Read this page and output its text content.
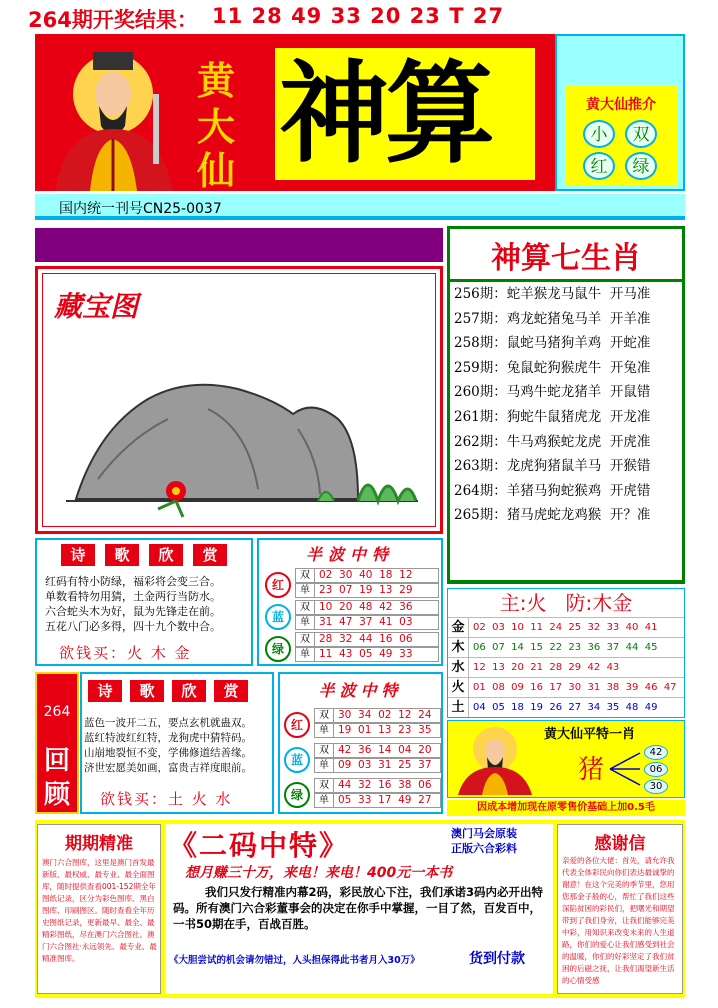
264期开奖结果： 11 28 49 33 20 23 T 27
黄
大
仙 神算	黄大仙推介
小	双
红	绿
国内统一刊号CN25-0037
藏宝图
神算七生肖
256期：蛇羊猴龙马鼠牛  开马准
257期：鸡龙蛇猪兔马羊  开羊准
258期：鼠蛇马猪狗羊鸡  开蛇准
259期：兔鼠蛇狗猴虎牛  开兔准
260期：马鸡牛蛇龙猪羊  开鼠错
261期：狗蛇牛鼠猪虎龙  开龙准
262期：牛马鸡猴蛇龙虎  开虎准
263期：龙虎狗猪鼠羊马  开猴错
264期：羊猪马狗蛇猴鸡  开虎错
265期：猪马虎蛇龙鸡猴  开？准
诗	歌	欣	赏
红码有特小防绿，福彩将会变三合。
单数看特勿用猜，土金两行当防水。
六合蛇头木为好，鼠为先锋走在前。
五花八门必多得，四十九个数中合。
欲钱买：火 木 金
半波中特
红
双 02  30  40  18  12
单 23  07  19  13  29
蓝
双 10  20  48  42  36
单 31  47  37  41  03
绿
双 28  32  44  16  06
单 11  43  05  49  33
264
回
顾
诗	歌	欣	赏
蓝色一波开二五，要点玄机就蛊双。
蓝红特波红红特，龙狗虎中猜特码。
山崩地裂恒不变，学佛修道结善缘。
济世宏愿美如画，富贵吉祥度眼前。
欲钱买：土 火 水
半波中特
红
双 30  34  02  12  24
单 19  01  13  23  35
蓝
双 42  36  14  04  20
单 09  03  31  25  37
绿
双 44  32  16  38  06
单 05  33  17  49  27
主:火   防:木金
金 02  03  10  11  24  25  32  33  40  41
木 06  07  14  15  22  23  36  37  44  45
水 12  13  20  21  28  29  42  43
火 01  08  09  16  17  30  31  38  39  46  47
土 04  05  18  19  26  27  34  35  48  49
黄大仙平特一肖
猪
42
06
30
因成本增加现在原零售价基础上加0.5毛
期期精准
澳门六合图库，这里是澳门首发最新版、最权威、最专业、最全面图库，随时提供查看001-152期全年图纸记录，区分为彩色图库、黑白图库、印刷图区。随时查看全年历史图纸记录，更新最早、最全、最精彩图纸，尽在澳门六合图社。澳门六合图社·永远领先、最专业、最精准图库。
《二码中特》	澳门马会原装
正版六合彩料
想月赚三十万，来电！来电！400元一本书
我们只发行精准内幕2码，彩民放心下注，我们承诺3码内必开出特码。所有澳门六合彩董事会的决定在你手中掌握，一目了然，百发百中，一书50期在手，百战百胜。
《大胆尝试的机会请勿错过，人头担保得此书者月入30万》	货到付款
感谢信
亲爱的各位大佬：首先，请允许我代表全体彩民向你们表达最诚挚的谢意！在这个完美的季节里，您用您那金子般的心，帮忙了我们这些深陷贫困的彩民们，把曙光和期望带到了我们身旁，让我们能够完美中彩，用知识来改变未来的人生道路，你们的爱心让我们感受到社会的温暖，你们的好彩坚定了我们贫困的后磁之抚，让我们渴望新生活的心情受感
